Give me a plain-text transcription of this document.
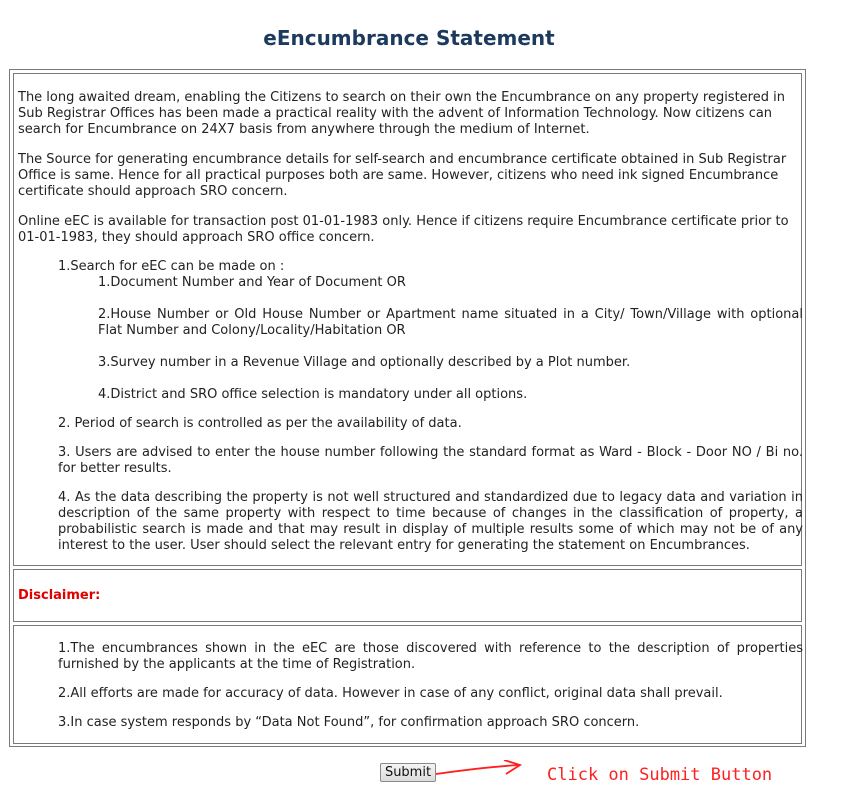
eEncumbrance Statement

The long awaited dream, enabling the Citizens to search on their own the Encumbrance on any property registered in Sub Registrar Offices has been made a practical reality with the advent of Information Technology. Now citizens can search for Encumbrance on 24X7 basis from anywhere through the medium of Internet.

The Source for generating encumbrance details for self-search and encumbrance certificate obtained in Sub Registrar Office is same. Hence for all practical purposes both are same. However, citizens who need ink signed Encumbrance certificate should approach SRO concern.

Online eEC is available for transaction post 01-01-1983 only. Hence if citizens require Encumbrance certificate prior to 01-01-1983, they should approach SRO office concern.

1.Search for eEC can be made on :
1.Document Number and Year of Document OR
2.House Number or Old House Number or Apartment name situated in a City/ Town/Village with optional Flat Number and Colony/Locality/Habitation OR
3.Survey number in a Revenue Village and optionally described by a Plot number.
4.District and SRO office selection is mandatory under all options.
2. Period of search is controlled as per the availability of data.
3. Users are advised to enter the house number following the standard format as Ward - Block - Door NO / Bi no. for better results.
4. As the data describing the property is not well structured and standardized due to legacy data and variation in description of the same property with respect to time because of changes in the classification of property, a probabilistic search is made and that may result in display of multiple results some of which may not be of any interest to the user. User should select the relevant entry for generating the statement on Encumbrances.
Disclaimer:
1.The encumbrances shown in the eEC are those discovered with reference to the description of properties furnished by the applicants at the time of Registration.
2.All efforts are made for accuracy of data. However in case of any conflict, original data shall prevail.
3.In case system responds by “Data Not Found”, for confirmation approach SRO concern.
Submit	Click on Submit Button
